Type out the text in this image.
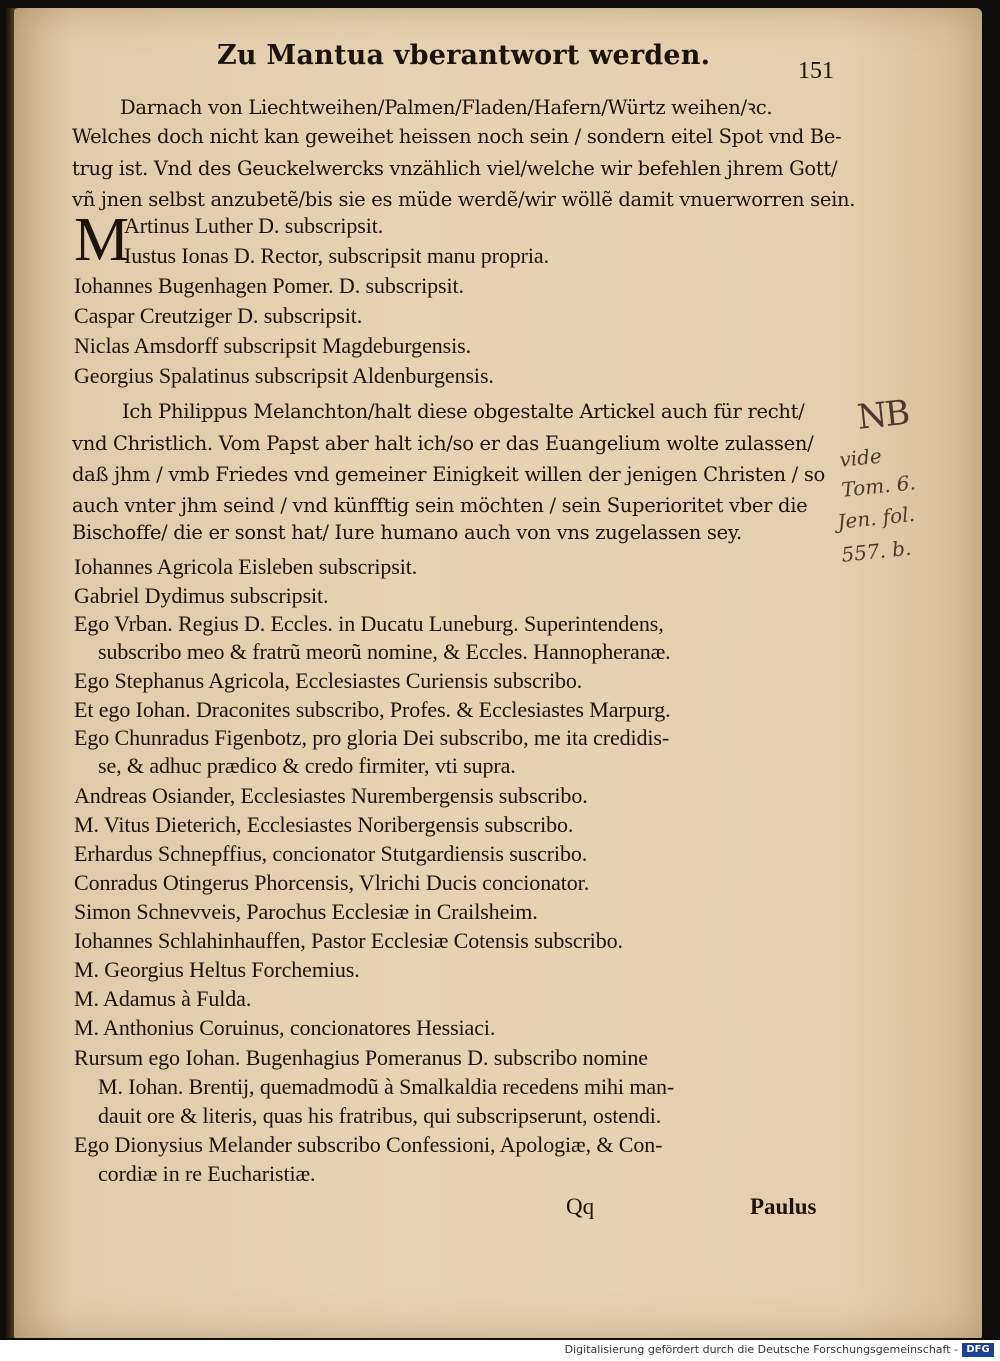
Zu Mantua vberantwort werden.	151
Darnach von Liechtweihen/Palmen/Fladen/Hafern/Würtz weihen/ꝛc.
Welches doch nicht kan geweihet heissen noch sein / sondern eitel Spot vnd Be-
trug ist. Vnd des Geuckelwercks vnzählich viel/welche wir befehlen jhrem Gott/
vñ jnen selbst anzubetẽ/bis sie es müde werdẽ/wir wöllẽ damit vnuerworren sein.
M
Artinus Luther D. subscripsit.
Iustus Ionas D. Rector, subscripsit manu propria.
Iohannes Bugenhagen Pomer. D. subscripsit.
Caspar Creutziger D. subscripsit.
Niclas Amsdorff subscripsit Magdeburgensis.
Georgius Spalatinus subscripsit Aldenburgensis.
Ich Philippus Melanchton/halt diese obgestalte Artickel auch für recht/
vnd Christlich. Vom Papst aber halt ich/so er das Euangelium wolte zulassen/
daß jhm / vmb Friedes vnd gemeiner Einigkeit willen der jenigen Christen / so
auch vnter jhm seind / vnd künfftig sein möchten / sein Superioritet vber die
Bischoffe/ die er sonst hat/ Iure humano auch von vns zugelassen sey.
NB
vide
Tom. 6.
Jen. fol.
557. b.
Iohannes Agricola Eisleben subscripsit.
Gabriel Dydimus subscripsit.
Ego Vrban. Regius D. Eccles. in Ducatu Luneburg. Superintendens,
subscribo meo & fratrũ meorũ nomine, & Eccles. Hannopheranæ.
Ego Stephanus Agricola, Ecclesiastes Curiensis subscribo.
Et ego Iohan. Draconites subscribo, Profes. & Ecclesiastes Marpurg.
Ego Chunradus Figenbotz, pro gloria Dei subscribo, me ita credidis-
se, & adhuc prædico & credo firmiter, vti supra.
Andreas Osiander, Ecclesiastes Nurembergensis subscribo.
M. Vitus Dieterich, Ecclesiastes Noribergensis subscribo.
Erhardus Schnepffius, concionator Stutgardiensis suscribo.
Conradus Otingerus Phorcensis, Vlrichi Ducis concionator.
Simon Schnevveis, Parochus Ecclesiæ in Crailsheim.
Iohannes Schlahinhauffen, Pastor Ecclesiæ Cotensis subscribo.
M. Georgius Heltus Forchemius.
M. Adamus à Fulda.
M. Anthonius Coruinus, concionatores Hessiaci.
Rursum ego Iohan. Bugenhagius Pomeranus D. subscribo nomine
M. Iohan. Brentij, quemadmodũ à Smalkaldia recedens mihi man-
dauit ore & literis, quas his fratribus, qui subscripserunt, ostendi.
Ego Dionysius Melander subscribo Confessioni, Apologiæ, & Con-
cordiæ in re Eucharistiæ.
Qq	Paulus
Digitalisierung gefördert durch die Deutsche Forschungsgemeinschaft - DFG
